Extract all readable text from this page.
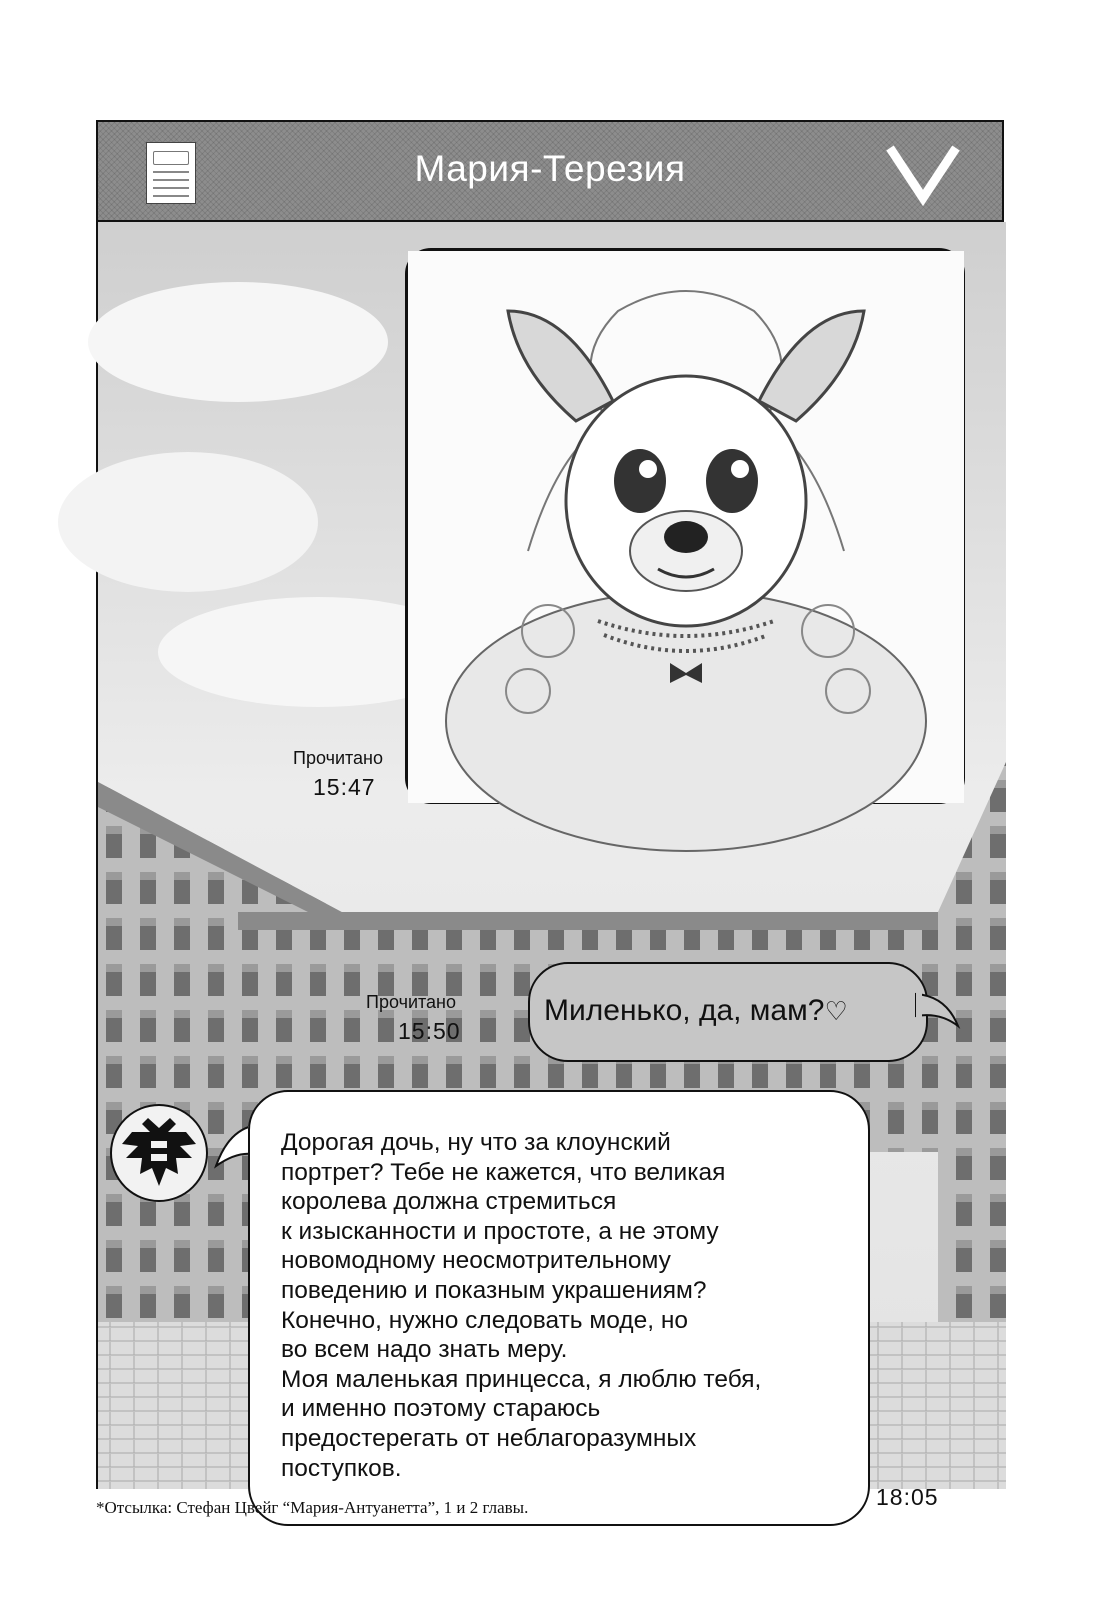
Мария-Терезия
Прочитано
15:47
Прочитано
15:50
Миленько, да, мам?♡

Дорогая дочь, ну что за клоунский
портрет? Тебе не кажется, что великая
королева должна стремиться
к изысканности и простоте, а не этому
новомодному неосмотрительному
поведению и показным украшениям?
Конечно, нужно следовать моде, но
во всем надо знать меру.
Моя маленькая принцесса, я люблю тебя,
и именно поэтому стараюсь
предостерегать от неблагоразумных
поступков.

18:05
*Отсылка: Стефан Цвейг “Мария-Антуанетта”, 1 и 2 главы.
